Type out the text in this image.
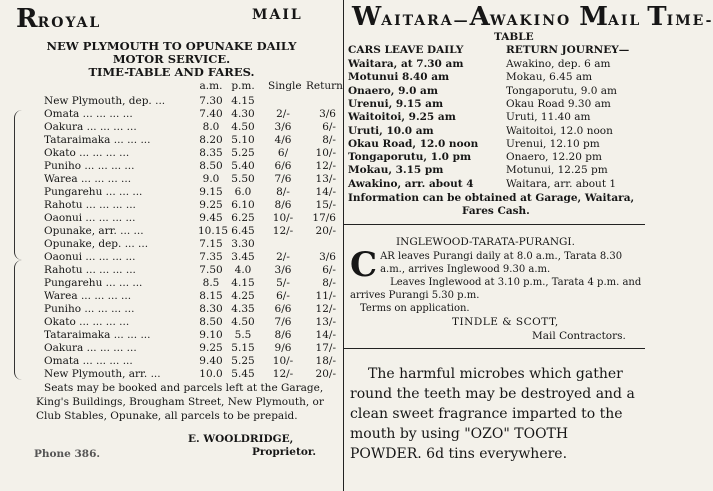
RROYAL	MAIL
NEW PLYMOUTH TO OPUNAKE DAILY
MOTOR SERVICE.
TIME-TABLE AND FARES.
a.m. p.m. Single Return
New Plymouth, dep. ...	7.30 4.15
Omata ... ... ... ...	7.40 4.30	2/-	3/6
Oakura ... ... ... ...	8.0	4.50	3/6	6/-
Tataraimaka ... ... ...	8.20 5.10	4/6	8/-
Okato ... ... ... ...	8.35 5.25	6/	10/-
Puniho ... ... ... ...	8.50 5.40	6/6	12/-
Warea ... ... ... ...	9.0	5.50	7/6	13/-
Pungarehu ... ... ...	9.15	6.0	8/-	14/-
Rahotu ... ... ... ...	9.25 6.10	8/6	15/-
Oaonui ... ... ... ...	9.45 6.25	10/-	17/6
Opunake, arr. ... ...	10.15 6.45	12/-	20/-
Opunake, dep. ... ...	7.15 3.30
Oaonui ... ... ... ...	7.35 3.45	2/-	3/6
Rahotu ... ... ... ...	7.50	4.0	3/6	6/-
Pungarehu ... ... ...	8.5	4.15	5/-	8/-
Warea ... ... ... ...	8.15 4.25	6/-	11/-
Puniho ... ... ... ...	8.30 4.35	6/6	12/-
Okato ... ... ... ...	8.50 4.50	7/6	13/-
Tataraimaka ... ... ...	9.10	5.5	8/6	14/-
Oakura ... ... ... ...	9.25 5.15	9/6	17/-
Omata ... ... ... ...	9.40 5.25	10/-	18/-
New Plymouth, arr. ...	10.0 5.45	12/-	20/-
Seats may be booked and parcels left at the Garage, King's Buildings, Brougham Street, New Plymouth, or Club Stables, Opunake, all parcels to be prepaid.
E. WOOLDRIDGE,
Proprietor.
Phone 386.
WAITARA—AWAKINO MAIL TIME-
TABLE
CARS LEAVE DAILY	RETURN JOURNEY—
Waitara, at 7.30 am	Awakino, dep. 6 am
Motunui 8.40 am	Mokau, 6.45 am
Onaero, 9.0 am	Tongaporutu, 9.0 am
Urenui, 9.15 am	Okau Road 9.30 am
Waitoitoi, 9.25 am	Uruti, 11.40 am
Uruti, 10.0 am	Waitoitoi, 12.0 noon
Okau Road, 12.0 noon	Urenui, 12.10 pm
Tongaporutu, 1.0 pm	Onaero, 12.20 pm
Mokau, 3.15 pm	Motunui, 12.25 pm
Awakino, arr. about 4	Waitara, arr. about 1
Information can be obtained at Garage, Waitara,
Fares Cash.
INGLEWOOD-TARATA-PURANGI.
CAR leaves Purangi daily at 8.0 a.m., Tarata 8.30 a.m., arrives Inglewood 9.30 a.m.
Leaves Inglewood at 3.10 p.m., Tarata 4 p.m. and arrives Purangi 5.30 p.m.
Terms on application.
TINDLE & SCOTT,
Mail Contractors.
The harmful microbes which gather round the teeth may be destroyed and a clean sweet fragrance imparted to the mouth by using "OZO" TOOTH POWDER. 6d tins everywhere.
